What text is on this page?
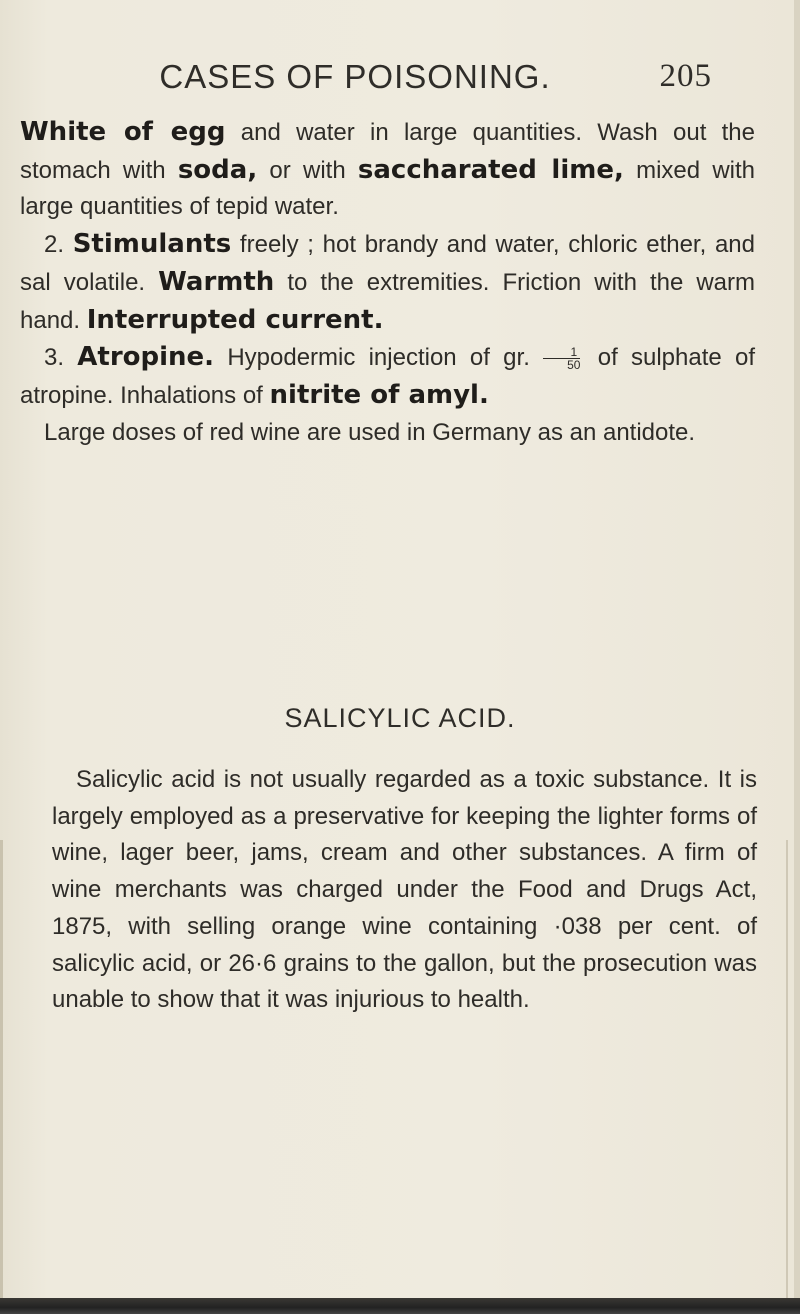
CASES OF POISONING.	205

White of egg and water in large quantities. Wash out the stomach with soda, or with saccharated lime, mixed with large quantities of tepid water.

2. Stimulants freely ; hot brandy and water, chloric ether, and sal volatile. Warmth to the extremities. Friction with the warm hand. Interrupted current.

3. Atropine. Hypodermic injection of gr. $\frac{1}{50}$ of sulphate of atropine. Inhalations of nitrite of amyl.

Large doses of red wine are used in Germany as an antidote.

SALICYLIC ACID.

Salicylic acid is not usually regarded as a toxic substance. It is largely employed as a preservative for keeping the lighter forms of wine, lager beer, jams, cream and other substances. A firm of wine merchants was charged under the Food and Drugs Act, 1875, with selling orange wine containing ·038 per cent. of salicylic acid, or 26·6 grains to the gallon, but the prosecution was unable to show that it was injurious to health.
